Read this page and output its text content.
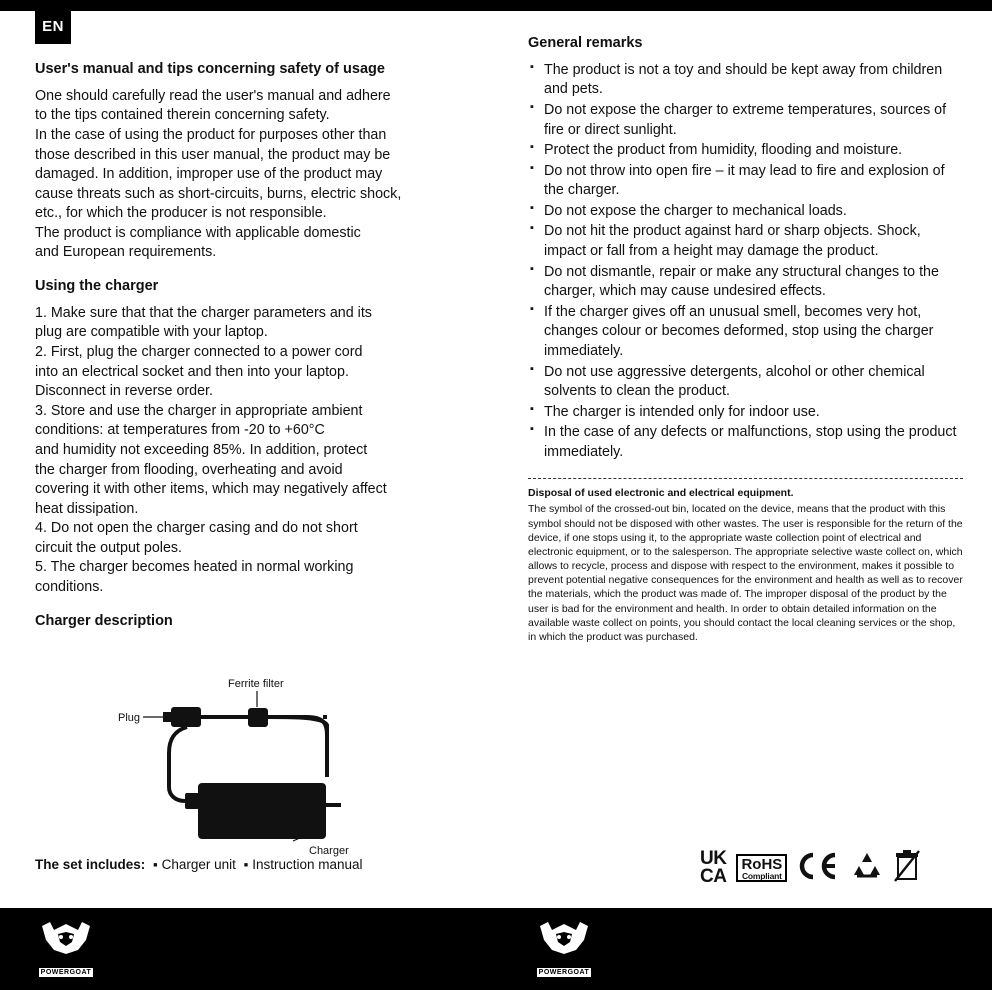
EN
User's manual and tips concerning safety of usage

One should carefully read the user's manual and adhere

to the tips contained therein concerning safety.

In the case of using the product for purposes other than

those described in this user manual, the product may be

damaged. In addition, improper use of the product may

cause threats such as short-circuits, burns, electric shock,

etc., for which the producer is not responsible.

The product is compliance with applicable domestic

and European requirements.

Using the charger

1. Make sure that that the charger parameters and its

plug are compatible with your laptop.

2. First, plug the charger connected to a power cord

into an electrical socket and then into your laptop.

Disconnect in reverse order.

3. Store and use the charger in appropriate ambient

conditions: at temperatures from -20 to +60°C

and humidity not exceeding 85%. In addition, protect

the charger from flooding, overheating and avoid

covering it with other items, which may negatively affect

heat dissipation.

4. Do not open the charger casing and do not short

circuit the output poles.

5. The charger becomes heated in normal working

conditions.

Charger description
Ferrite filter
Plug
Charger
The set includes: ▪ Charger unit ▪ Instruction manual
General remarks
▪ The product is not a toy and should be kept away from children and pets.
▪ Do not expose the charger to extreme temperatures, sources of fire or direct sunlight.
▪ Protect the product from humidity, flooding and moisture.
▪ Do not throw into open fire – it may lead to fire and explosion of the charger.
▪ Do not expose the charger to mechanical loads.
▪ Do not hit the product against hard or sharp objects. Shock, impact or fall from a height may damage the product.
▪ Do not dismantle, repair or make any structural changes to the charger, which may cause undesired effects.
▪ If the charger gives off an unusual smell, becomes very hot, changes colour or becomes deformed, stop using the charger immediately.
▪ Do not use aggressive detergents, alcohol or other chemical solvents to clean the product.
▪ The charger is intended only for indoor use.
▪ In the case of any defects or malfunctions, stop using the product immediately.

Disposal of used electronic and electrical equipment.

The symbol of the crossed-out bin, located on the device, means that the product with this symbol should not be disposed with other wastes. The user is responsible for the return of the device, if one stops using it, to the appropriate waste collection point of electrical and electronic equipment, or to the salesperson. The appropriate selective waste collect on, which allows to recycle, process and dispose with respect to the environment, makes it possible to prevent potential negative consequences for the environment and health as well as to recover the materials, which the product was made of. The improper disposal of the product by the user is bad for the environment and health. In order to obtain detailed information on the available waste collect on points, you should contact the local cleaning services or the shop, in which the product was purchased.

UK
CA
RoHS
Compliant
POWERGOAT	POWERGOAT
